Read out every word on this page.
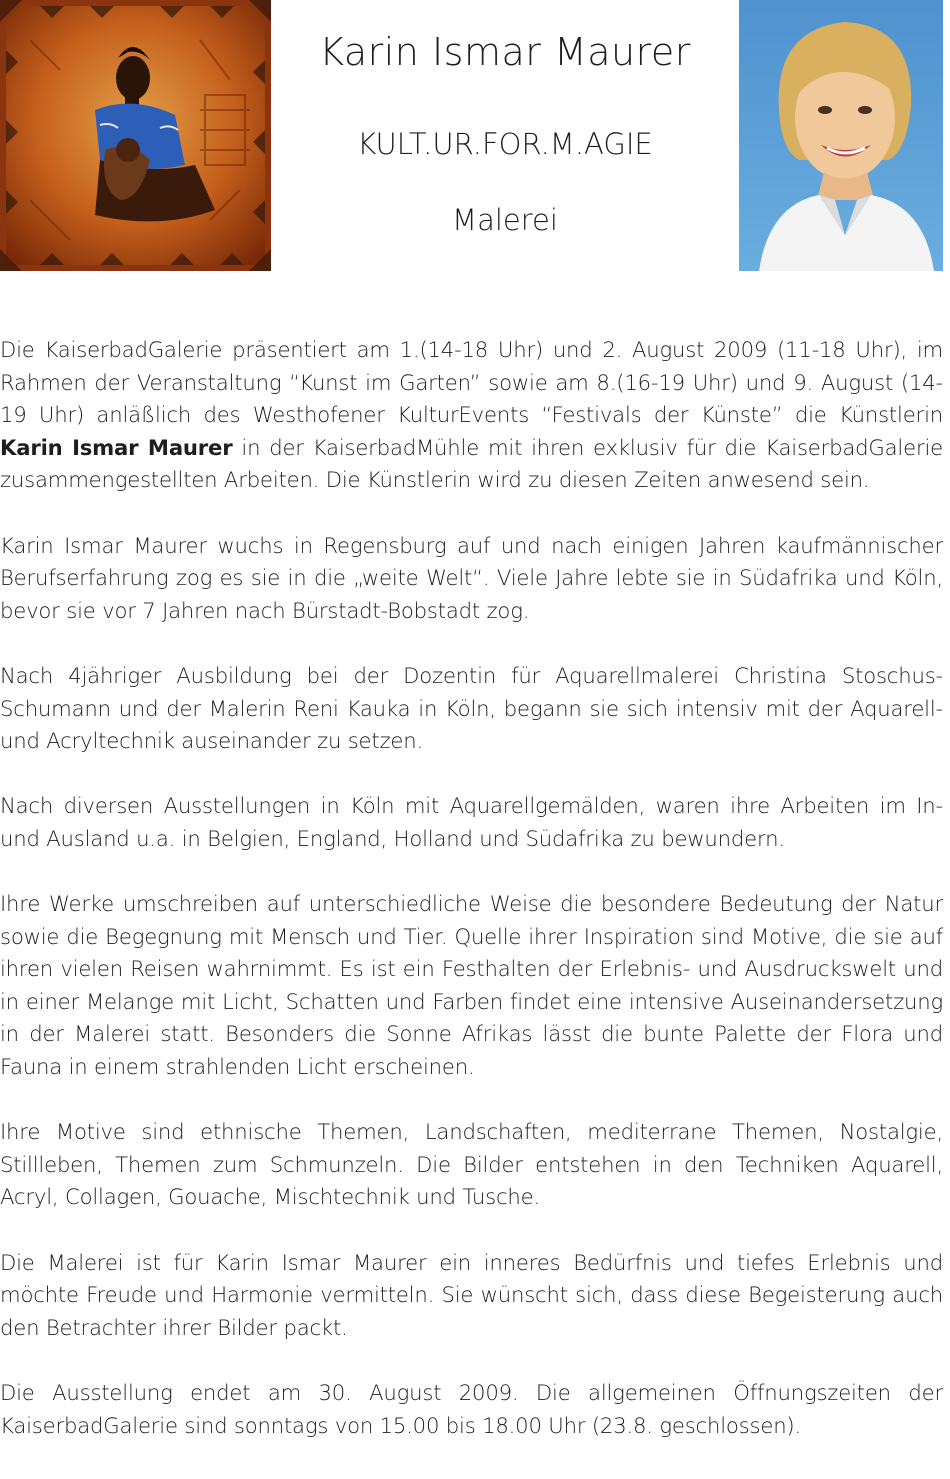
Karin Ismar Maurer
KULT.UR.FOR.M.AGIE
Malerei

Die KaiserbadGalerie präsentiert am 1.(14-18 Uhr) und 2. August 2009 (11-18 Uhr), im Rahmen der Veranstaltung “Kunst im Garten” sowie am 8.(16-19 Uhr) und 9. August (14-19 Uhr) anläßlich des Westhofener KulturEvents “Festivals der Künste” die Künstlerin Karin Ismar Maurer in der KaiserbadMühle mit ihren exklusiv für die KaiserbadGalerie zusammengestellten Arbeiten. Die Künstlerin wird zu diesen Zeiten anwesend sein.

Karin Ismar Maurer wuchs in Regensburg auf und nach einigen Jahren kaufmännischer Berufserfahrung zog es sie in die „weite Welt“. Viele Jahre lebte sie in Südafrika und Köln, bevor sie vor 7 Jahren nach Bürstadt-Bobstadt zog.

Nach 4jähriger Ausbildung bei der Dozentin für Aquarellmalerei Christina Stoschus-Schumann und der Malerin Reni Kauka in Köln, begann sie sich intensiv mit der Aquarell- und Acryltechnik auseinander zu setzen.

Nach diversen Ausstellungen in Köln mit Aquarellgemälden, waren ihre Arbeiten im In- und Ausland u.a. in Belgien, England, Holland und Südafrika zu bewundern.

Ihre Werke umschreiben auf unterschiedliche Weise die besondere Bedeutung der Natur sowie die Begegnung mit Mensch und Tier. Quelle ihrer Inspiration sind Motive, die sie auf ihren vielen Reisen wahrnimmt. Es ist ein Festhalten der Erlebnis- und Ausdruckswelt und in einer Melange mit Licht, Schatten und Farben findet eine intensive Auseinandersetzung in der Malerei statt. Besonders die Sonne Afrikas lässt die bunte Palette der Flora und Fauna in einem strahlenden Licht erscheinen.

Ihre Motive sind ethnische Themen, Landschaften, mediterrane Themen, Nostalgie, Stillleben, Themen zum Schmunzeln. Die Bilder entstehen in den Techniken Aquarell, Acryl, Collagen, Gouache, Mischtechnik und Tusche.

Die Malerei ist für Karin Ismar Maurer ein inneres Bedürfnis und tiefes Erlebnis und möchte Freude und Harmonie vermitteln. Sie wünscht sich, dass diese Begeisterung auch den Betrachter ihrer Bilder packt.

Die Ausstellung endet am 30. August 2009. Die allgemeinen Öffnungszeiten der KaiserbadGalerie sind sonntags von 15.00 bis 18.00 Uhr (23.8. geschlossen).
